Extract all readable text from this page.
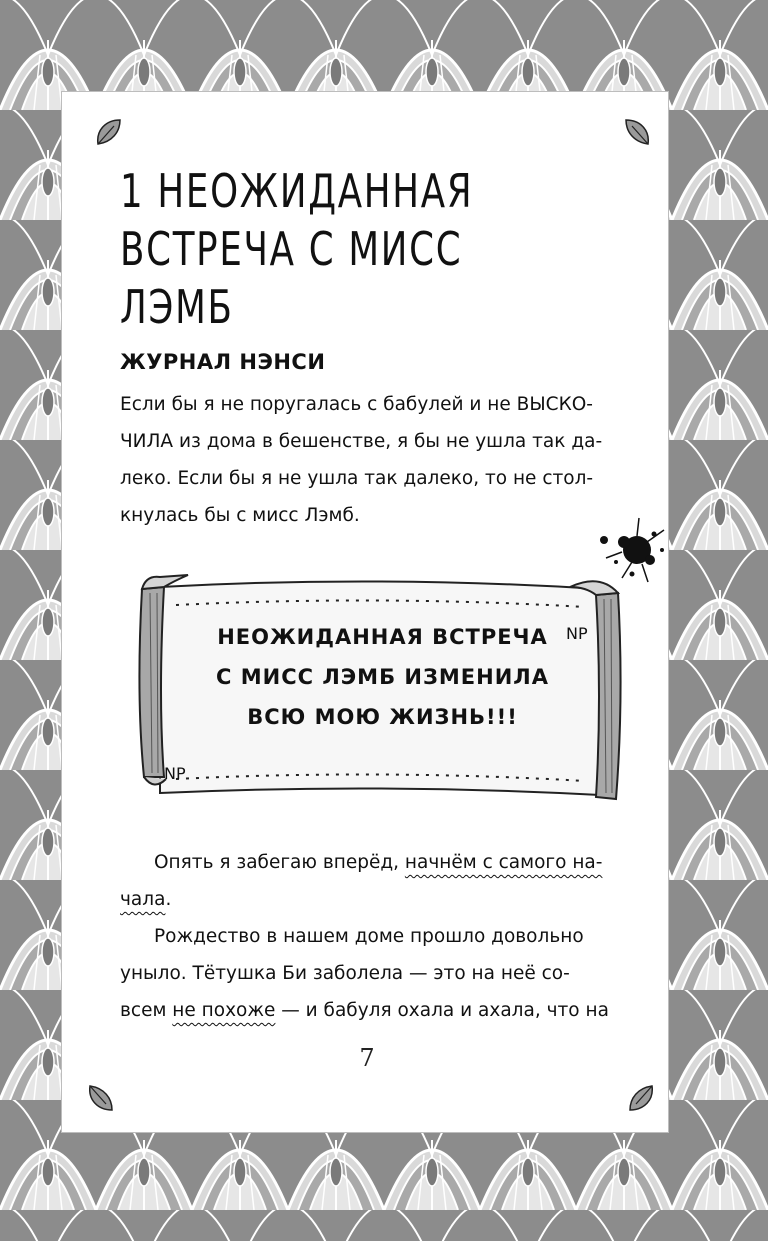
1 НЕОЖИДАННАЯ
ВСТРЕЧА С МИСС
ЛЭМБ
ЖУРНАЛ НЭНСИ
Если бы я не поругалась с бабулей и не ВЫСКО-
ЧИЛА из дома в бешенстве, я бы не ушла так да-
леко. Если бы я не ушла так далеко, то не стол-
кнулась бы с мисс Лэмб.
NP
NP
НЕОЖИДАННАЯ ВСТРЕЧА
С МИСС ЛЭМБ ИЗМЕНИЛА
ВСЮ МОЮ ЖИЗНЬ!!!
Опять я забегаю вперёд, начнём с самого на-
чала.
Рождество в нашем доме прошло довольно
уныло. Тётушка Би заболела — это на неё со-
всем не похоже — и бабуля охала и ахала, что на
7
